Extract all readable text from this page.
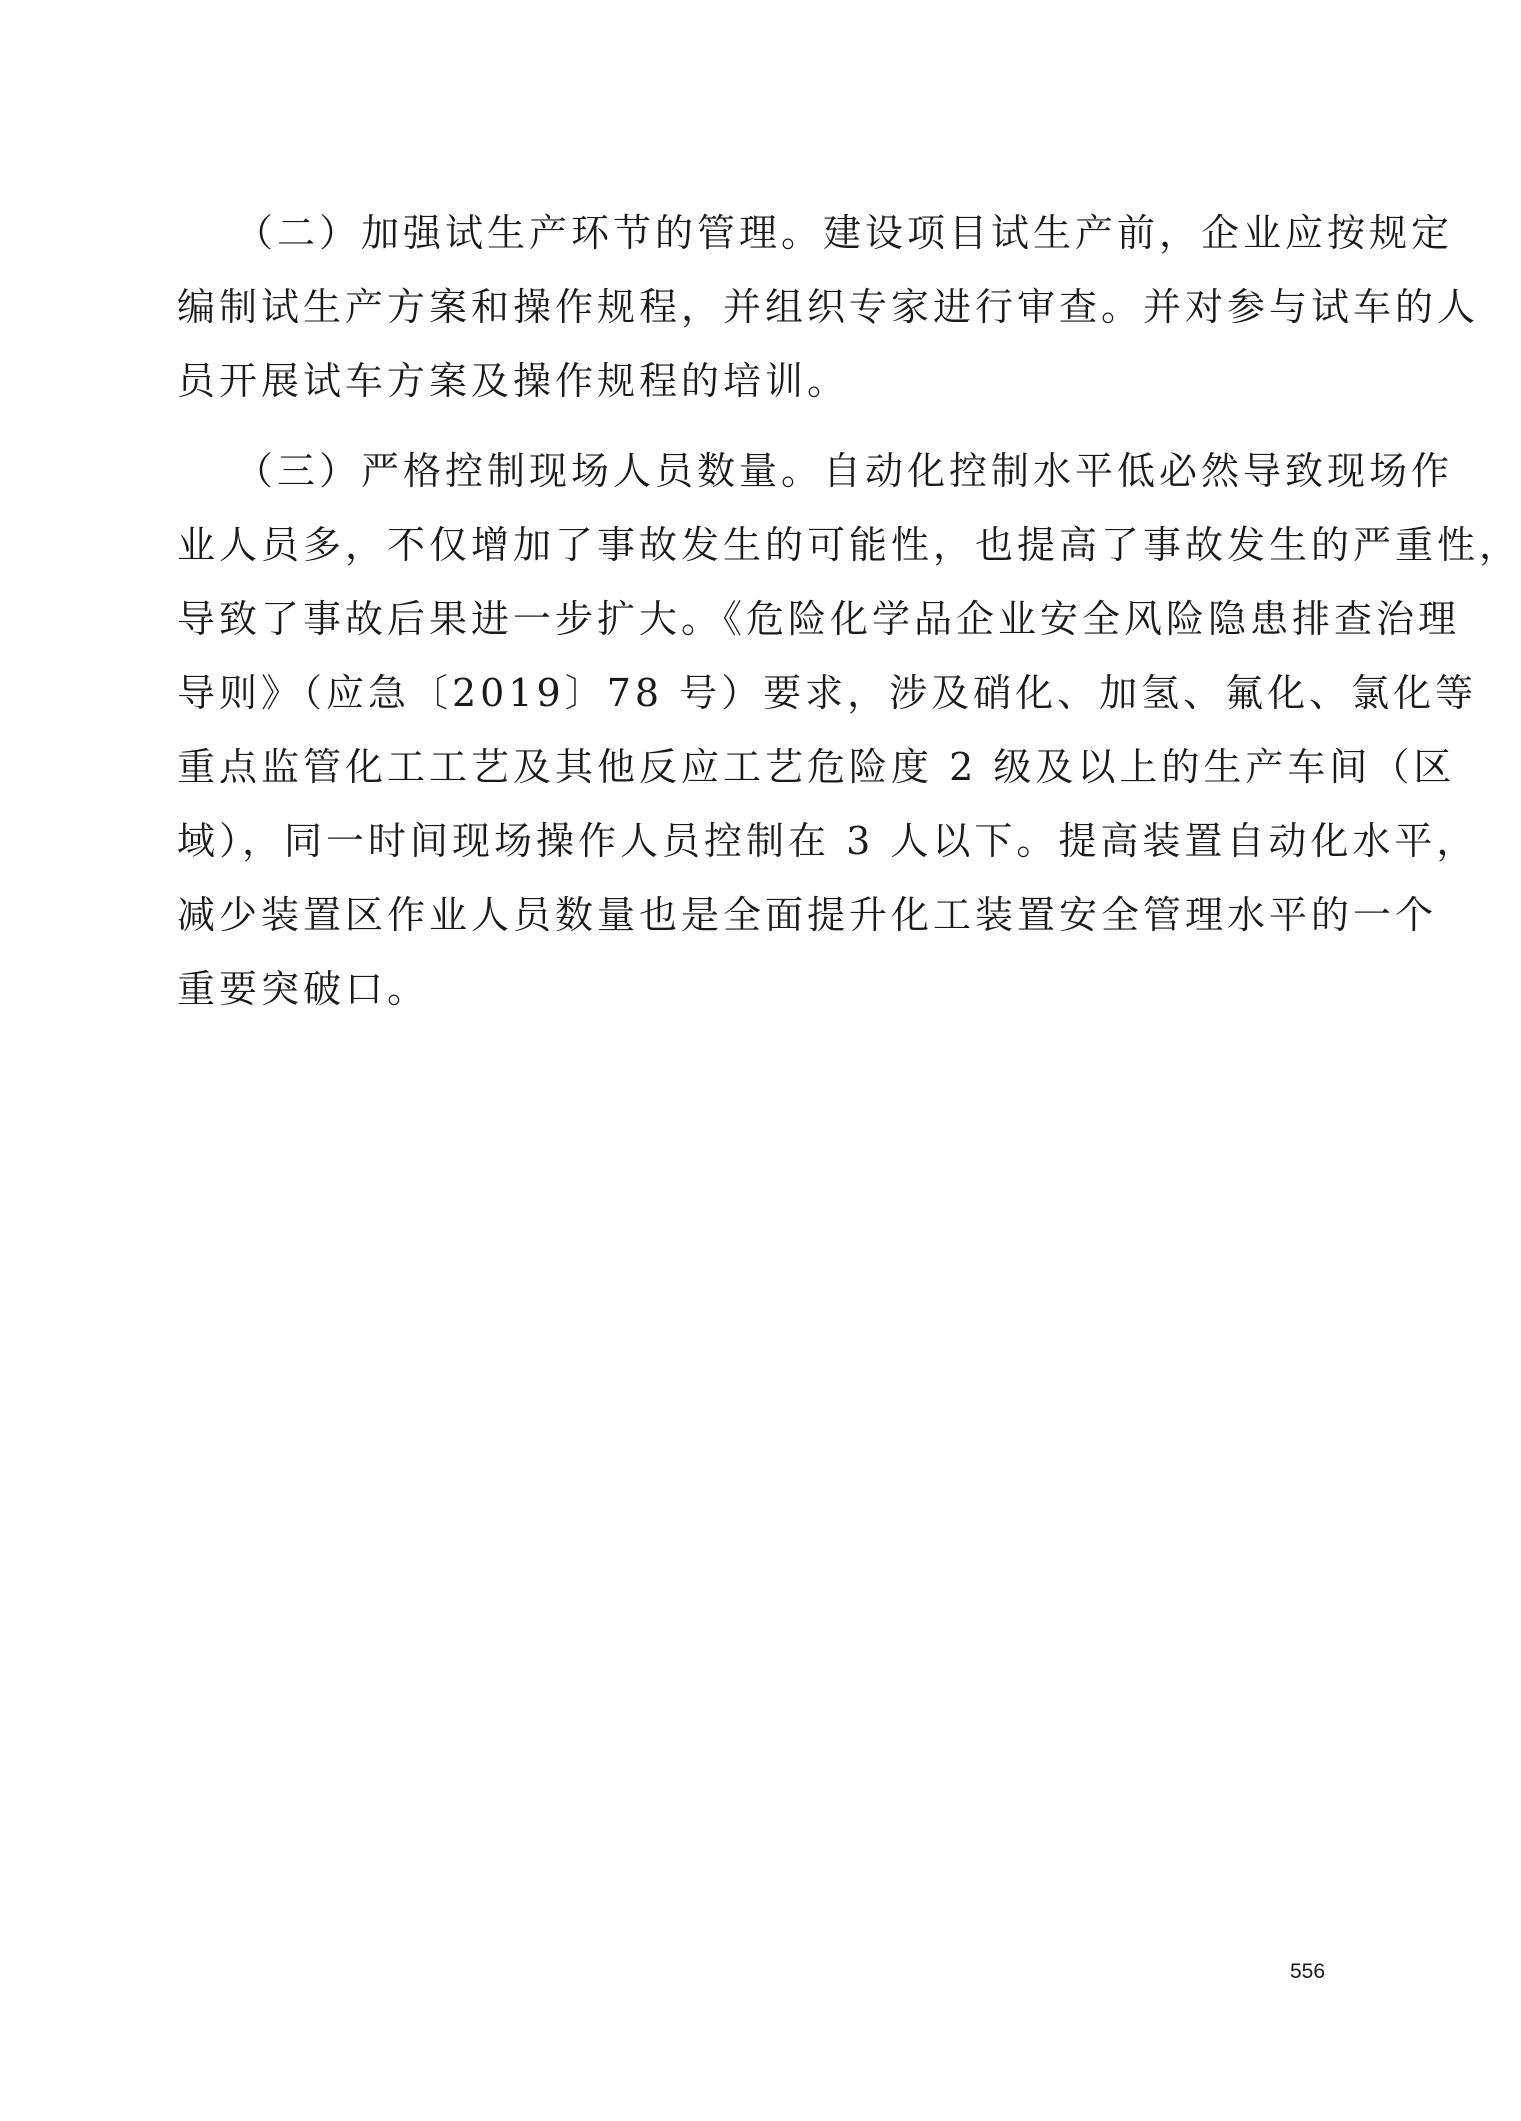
（二）加强试生产环节的管理。建设项目试生产前，企业应按规定
编制试生产方案和操作规程，并组织专家进行审查。并对参与试车的人
员开展试车方案及操作规程的培训。

（三）严格控制现场人员数量。自动化控制水平低必然导致现场作
业人员多，不仅增加了事故发生的可能性，也提高了事故发生的严重性，
导致了事故后果进一步扩大。《危险化学品企业安全风险隐患排查治理
导则》（应急〔2019〕78 号）要求，涉及硝化、加氢、氟化、氯化等
重点监管化工工艺及其他反应工艺危险度 2 级及以上的生产车间（区
域），同一时间现场操作人员控制在 3 人以下。提高装置自动化水平，
减少装置区作业人员数量也是全面提升化工装置安全管理水平的一个
重要突破口。

556
